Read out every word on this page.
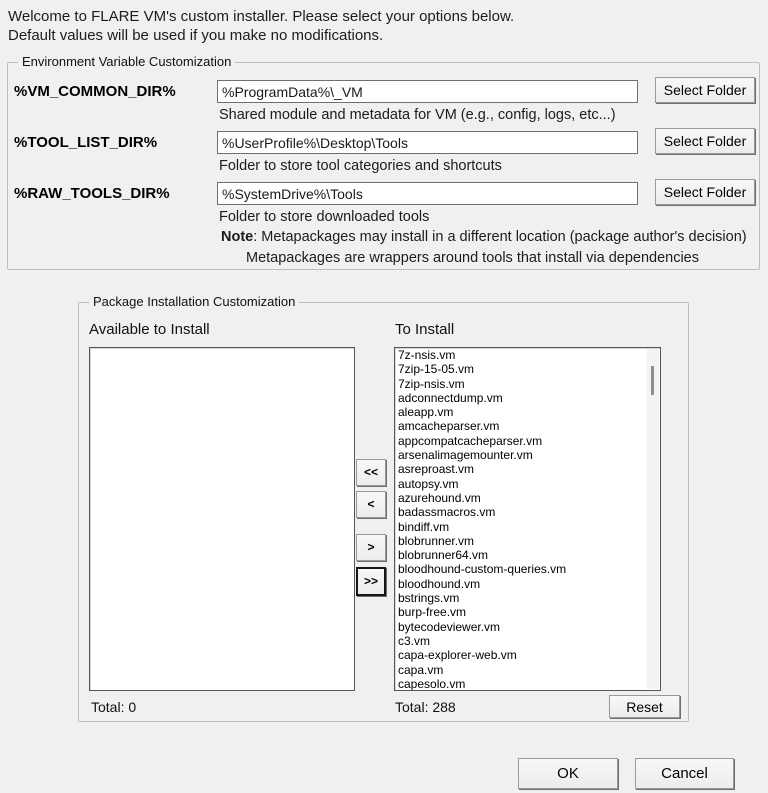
Welcome to FLARE VM's custom installer. Please select your options below.
Default values will be used if you make no modifications.
Environment Variable Customization
%VM_COMMON_DIR%
%ProgramData%\_VM	Select Folder
Shared module and metadata for VM (e.g., config, logs, etc...)
%TOOL_LIST_DIR%
%UserProfile%\Desktop\Tools	Select Folder
Folder to store tool categories and shortcuts
%RAW_TOOLS_DIR%
%SystemDrive%\Tools	Select Folder
Folder to store downloaded tools
Note: Metapackages may install in a different location (package author's decision)
Metapackages are wrappers around tools that install via dependencies
Package Installation Customization
Available to Install	To Install
7z-nsis.vm
7zip-15-05.vm
7zip-nsis.vm
adconnectdump.vm
aleapp.vm
amcacheparser.vm
appcompatcacheparser.vm
arsenalimagemounter.vm
asreproast.vm
autopsy.vm
azurehound.vm
badassmacros.vm
bindiff.vm
blobrunner.vm
blobrunner64.vm
bloodhound-custom-queries.vm
bloodhound.vm
bstrings.vm
burp-free.vm
bytecodeviewer.vm
c3.vm
capa-explorer-web.vm
capa.vm
capesolo.vm
<<
<
>
>>
Total: 0	Total: 288	Reset
OK	Cancel
